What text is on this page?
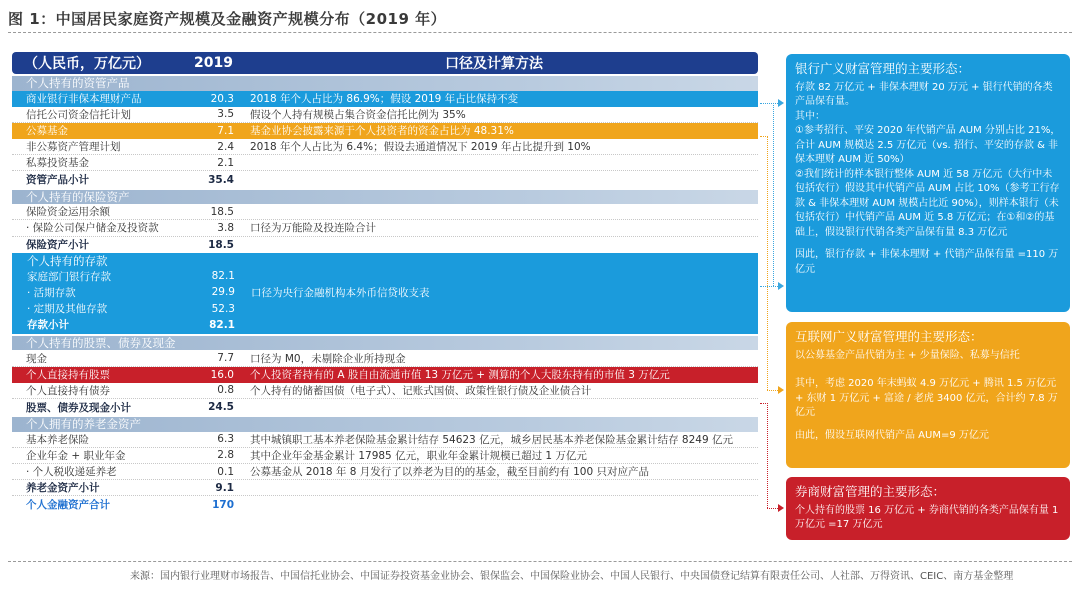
图 1：中国居民家庭资产规模及金融资产规模分布（2019 年）
（人民币，万亿元）	2019	口径及计算方法
个人持有的资管产品
商业银行非保本理财产品	20.3	2018 年个人占比为 86.9%；假设 2019 年占比保持不变
信托公司资金信托计划	3.5	假设个人持有规模占集合资金信托比例为 35%
公募基金	7.1	基金业协会披露来源于个人投资者的资金占比为 48.31%
非公募资产管理计划	2.4	2018 年个人占比为 6.4%；假设去通道情况下 2019 年占比提升到 10%
私募投资基金	2.1
资管产品小计	35.4
个人持有的保险资产
保险资金运用余额	18.5
· 保险公司保户储金及投资款	3.8	口径为万能险及投连险合计
保险资产小计	18.5
个人持有的存款
家庭部门银行存款	82.1
· 活期存款	29.9	口径为央行金融机构本外币信贷收支表
· 定期及其他存款	52.3
存款小计	82.1
个人持有的股票、债券及现金
现金	7.7	口径为 M0，未剔除企业所持现金
个人直接持有股票	16.0	个人投资者持有的 A 股自由流通市值 13 万亿元 + 测算的个人大股东持有的市值 3 万亿元
个人直接持有债券	0.8	个人持有的储蓄国债（电子式）、记账式国债、政策性银行债及企业债合计
股票、债券及现金小计	24.5
个人拥有的养老金资产
基本养老保险	6.3	其中城镇职工基本养老保险基金累计结存 54623 亿元，城乡居民基本养老保险基金累计结存 8249 亿元
企业年金 + 职业年金	2.8	其中企业年金基金累计 17985 亿元，职业年金累计规模已超过 1 万亿元
· 个人税收递延养老	0.1	公募基金从 2018 年 8 月发行了以养老为目的的基金，截至目前约有 100 只对应产品
养老金资产小计	9.1
个人金融资产合计	170
银行广义财富管理的主要形态：

存款 82 万亿元 + 非保本理财 20 万元 + 银行代销的各类产品保有量。

其中：

①参考招行、平安 2020 年代销产品 AUM 分别占比 21%，合计 AUM 规模达 2.5 万亿元（vs. 招行、平安的存款 & 非保本理财 AUM 近 50%）

②我们统计的样本银行整体 AUM 近 58 万亿元（大行中未包括农行）假设其中代销产品 AUM 占比 10%（参考工行存款 & 非保本理财 AUM 规模占比近 90%），则样本银行（未包括农行）中代销产品 AUM 近 5.8 万亿元；在①和②的基础上，假设银行代销各类产品保有量 8.3 万亿元

因此，银行存款 + 非保本理财 + 代销产品保有量 =110 万亿元

互联网广义财富管理的主要形态：

以公募基金产品代销为主 + 少量保险、私募与信托

其中，考虑 2020 年末蚂蚁 4.9 万亿元 + 腾讯 1.5 万亿元 + 东财 1 万亿元 + 富途 / 老虎 3400 亿元，合计约 7.8 万亿元

由此，假设互联网代销产品 AUM=9 万亿元

券商财富管理的主要形态：

个人持有的股票 16 万亿元 + 券商代销的各类产品保有量 1 万亿元 =17 万亿元

来源：国内银行业理财市场报告、中国信托业协会、中国证券投资基金业协会、银保监会、中国保险业协会、中国人民银行、中央国债登记结算有限责任公司、人社部、万得资讯、CEIC、南方基金整理
